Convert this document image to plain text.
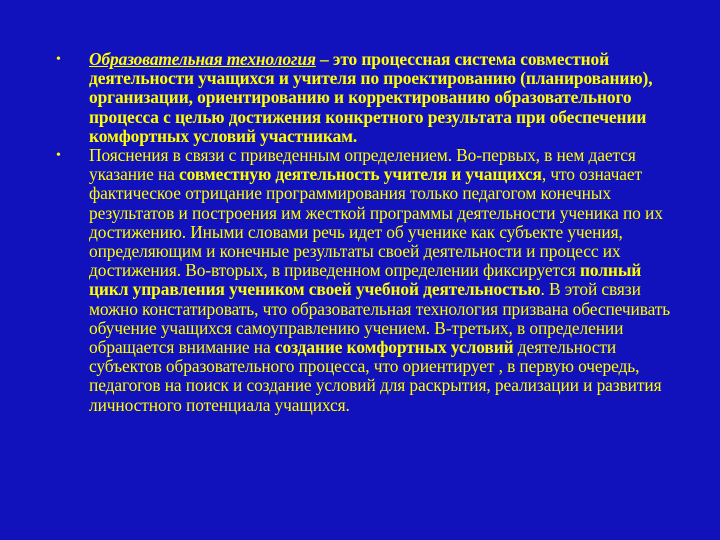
•	Образовательная технология – это процессная система совместной деятельности учащихся и учителя по проектированию (планированию), организации, ориентированию и корректированию образовательного процесса с целью достижения конкретного результата при обеспечении комфортных условий участникам.
•	Пояснения в связи с приведенным определением. Во-первых, в нем дается указание на совместную деятельность учителя и учащихся, что означает фактическое отрицание программирования только педагогом конечных результатов и построения им жесткой программы деятельности ученика по их достижению. Иными словами речь идет об ученике как субъекте учения, определяющим и конечные результаты своей деятельности и процесс их достижения. Во-вторых, в приведенном определении фиксируется полный цикл управления учеником своей учебной деятельностью. В этой связи можно констатировать, что образовательная технология призвана обеспечивать обучение учащихся самоуправлению учением. В-третьих, в определении обращается внимание на создание комфортных условий деятельности субъектов образовательного процесса, что ориентирует , в первую очередь, педагогов на поиск и создание условий для раскрытия, реализации и развития личностного потенциала учащихся.
